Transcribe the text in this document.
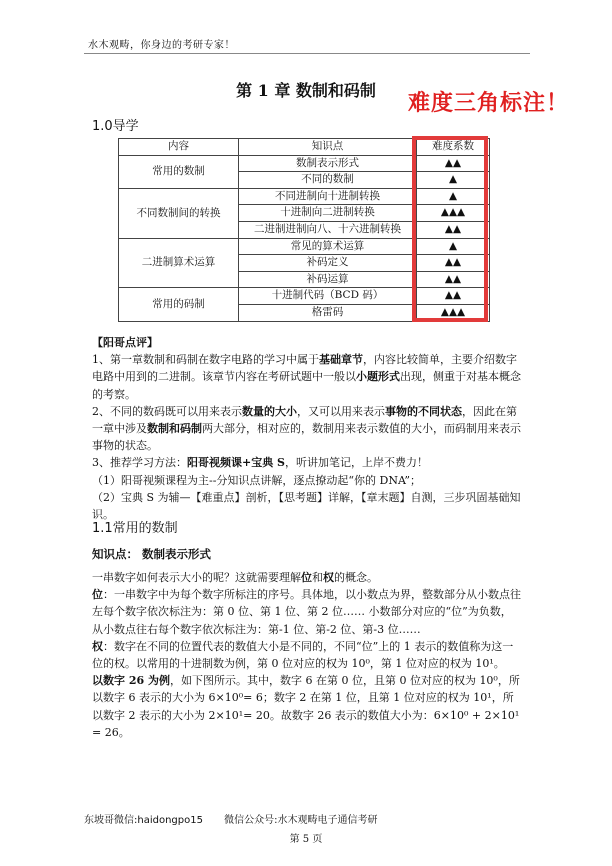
水木观畴，你身边的考研专家！
第 1 章 数制和码制
难度三角标注！
1.0导学
内容	知识点	难度系数
常用的数制	数制表示形式	▲▲
	不同的数制	▲
不同数制间的转换	不同进制向十进制转换	▲
	十进制向二进制转换	▲▲▲
	二进制进制向八、十六进制转换	▲▲
二进制算术运算	常见的算术运算	▲
	补码定义	▲▲
	补码运算	▲▲
常用的码制	十进制代码（BCD 码）	▲▲
	格雷码	▲▲▲

【阳哥点评】

1、第一章数制和码制在数字电路的学习中属于基础章节，内容比较简单，主要介绍数字电路中用到的二进制。该章节内容在考研试题中一般以小题形式出现，侧重于对基本概念的考察。

2、不同的数码既可以用来表示数量的大小，又可以用来表示事物的不同状态，因此在第一章中涉及数制和码制两大部分，相对应的，数制用来表示数值的大小，而码制用来表示事物的状态。

3、推荐学习方法：阳哥视频课+宝典 S，听讲加笔记，上岸不费力！

（1）阳哥视频课程为主--分知识点讲解，逐点撩动起“你的 DNA”；

（2）宝典 S 为辅—【难重点】剖析，【思考题】详解，【章末题】自测，三步巩固基础知识。

1.1常用的数制
知识点： 数制表示形式

一串数字如何表示大小的呢？这就需要理解位和权的概念。

位：一串数字中为每个数字所标注的序号。具体地，以小数点为界，整数部分从小数点往左每个数字依次标注为：第 0 位、第 1 位、第 2 位…… 小数部分对应的“位”为负数，从小数点往右每个数字依次标注为：第-1 位、第-2 位、第-3 位……

权：数字在不同的位置代表的数值大小是不同的，不同“位”上的 1 表示的数值称为这一位的权。以常用的十进制数为例，第 0 位对应的权为 10⁰，第 1 位对应的权为 10¹。

以数字 26 为例，如下图所示。其中，数字 6 在第 0 位，且第 0 位对应的权为 10⁰，所以数字 6 表示的大小为 6×10⁰= 6；数字 2 在第 1 位，且第 1 位对应的权为 10¹，所以数字 2 表示的大小为 2×10¹= 20。故数字 26 表示的数值大小为：6×10⁰ + 2×10¹ = 26。

东坡哥微信:haidongpo15 微信公众号:水木观畴电子通信考研
第 5 页
